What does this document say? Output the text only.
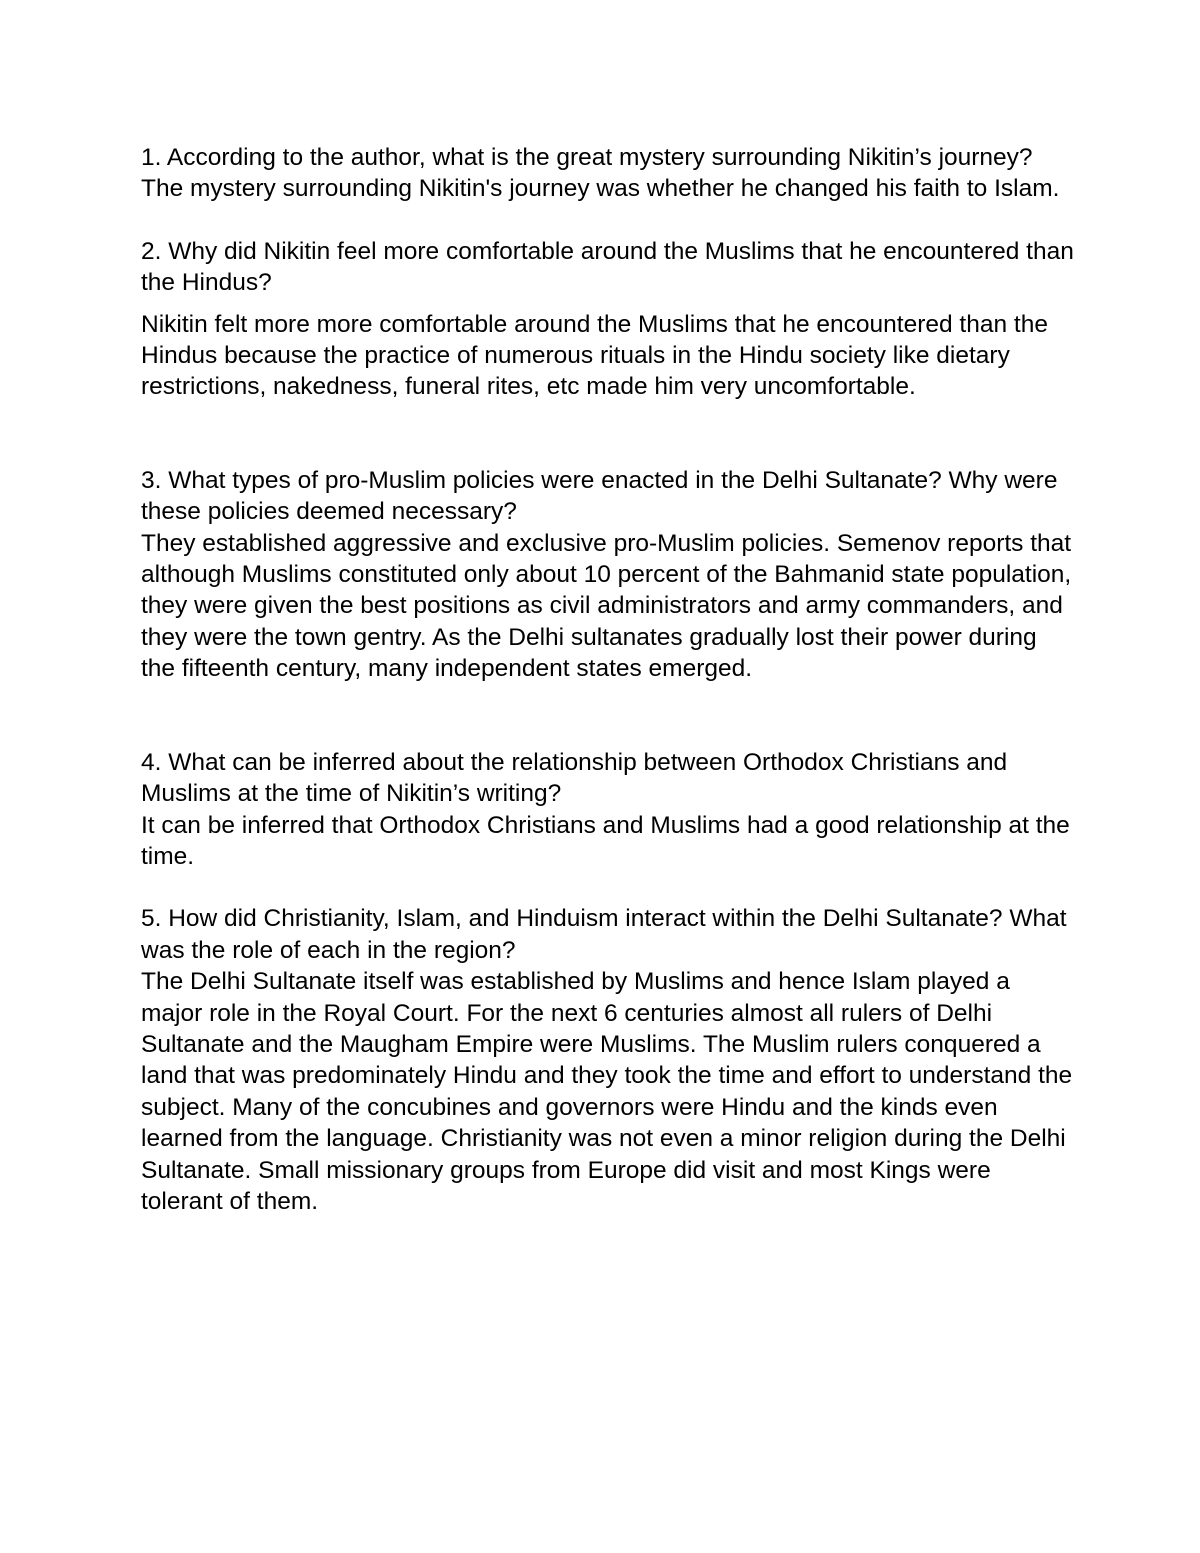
1. According to the author, what is the great mystery surrounding Nikitin’s journey?

The mystery surrounding Nikitin's journey was whether he changed his faith to Islam.

2. Why did Nikitin feel more comfortable around the Muslims that he encountered than the Hindus?

Nikitin felt more more comfortable around the Muslims that he encountered than the Hindus because the practice of numerous rituals in the Hindu society like dietary restrictions, nakedness, funeral rites, etc made him very uncomfortable.

3. What types of pro-Muslim policies were enacted in the Delhi Sultanate? Why were these policies deemed necessary?

They established aggressive and exclusive pro-Muslim policies. Semenov reports that although Muslims constituted only about 10 percent of the Bahmanid state population, they were given the best positions as civil administrators and army commanders, and they were the town gentry. As the Delhi sultanates gradually lost their power during the fifteenth century, many independent states emerged.

4. What can be inferred about the relationship between Orthodox Christians and Muslims at the time of Nikitin’s writing?

It can be inferred that Orthodox Christians and Muslims had a good relationship at the time.

5. How did Christianity, Islam, and Hinduism interact within the Delhi Sultanate? What was the role of each in the region?

The Delhi Sultanate itself was established by Muslims and hence Islam played a major role in the Royal Court. For the next 6 centuries almost all rulers of Delhi Sultanate and the Maugham Empire were Muslims. The Muslim rulers conquered a land that was predominately Hindu and they took the time and effort to understand the subject. Many of the concubines and governors were Hindu and the kinds even learned from the language. Christianity was not even a minor religion during the Delhi Sultanate. Small missionary groups from Europe did visit and most Kings were tolerant of them.
